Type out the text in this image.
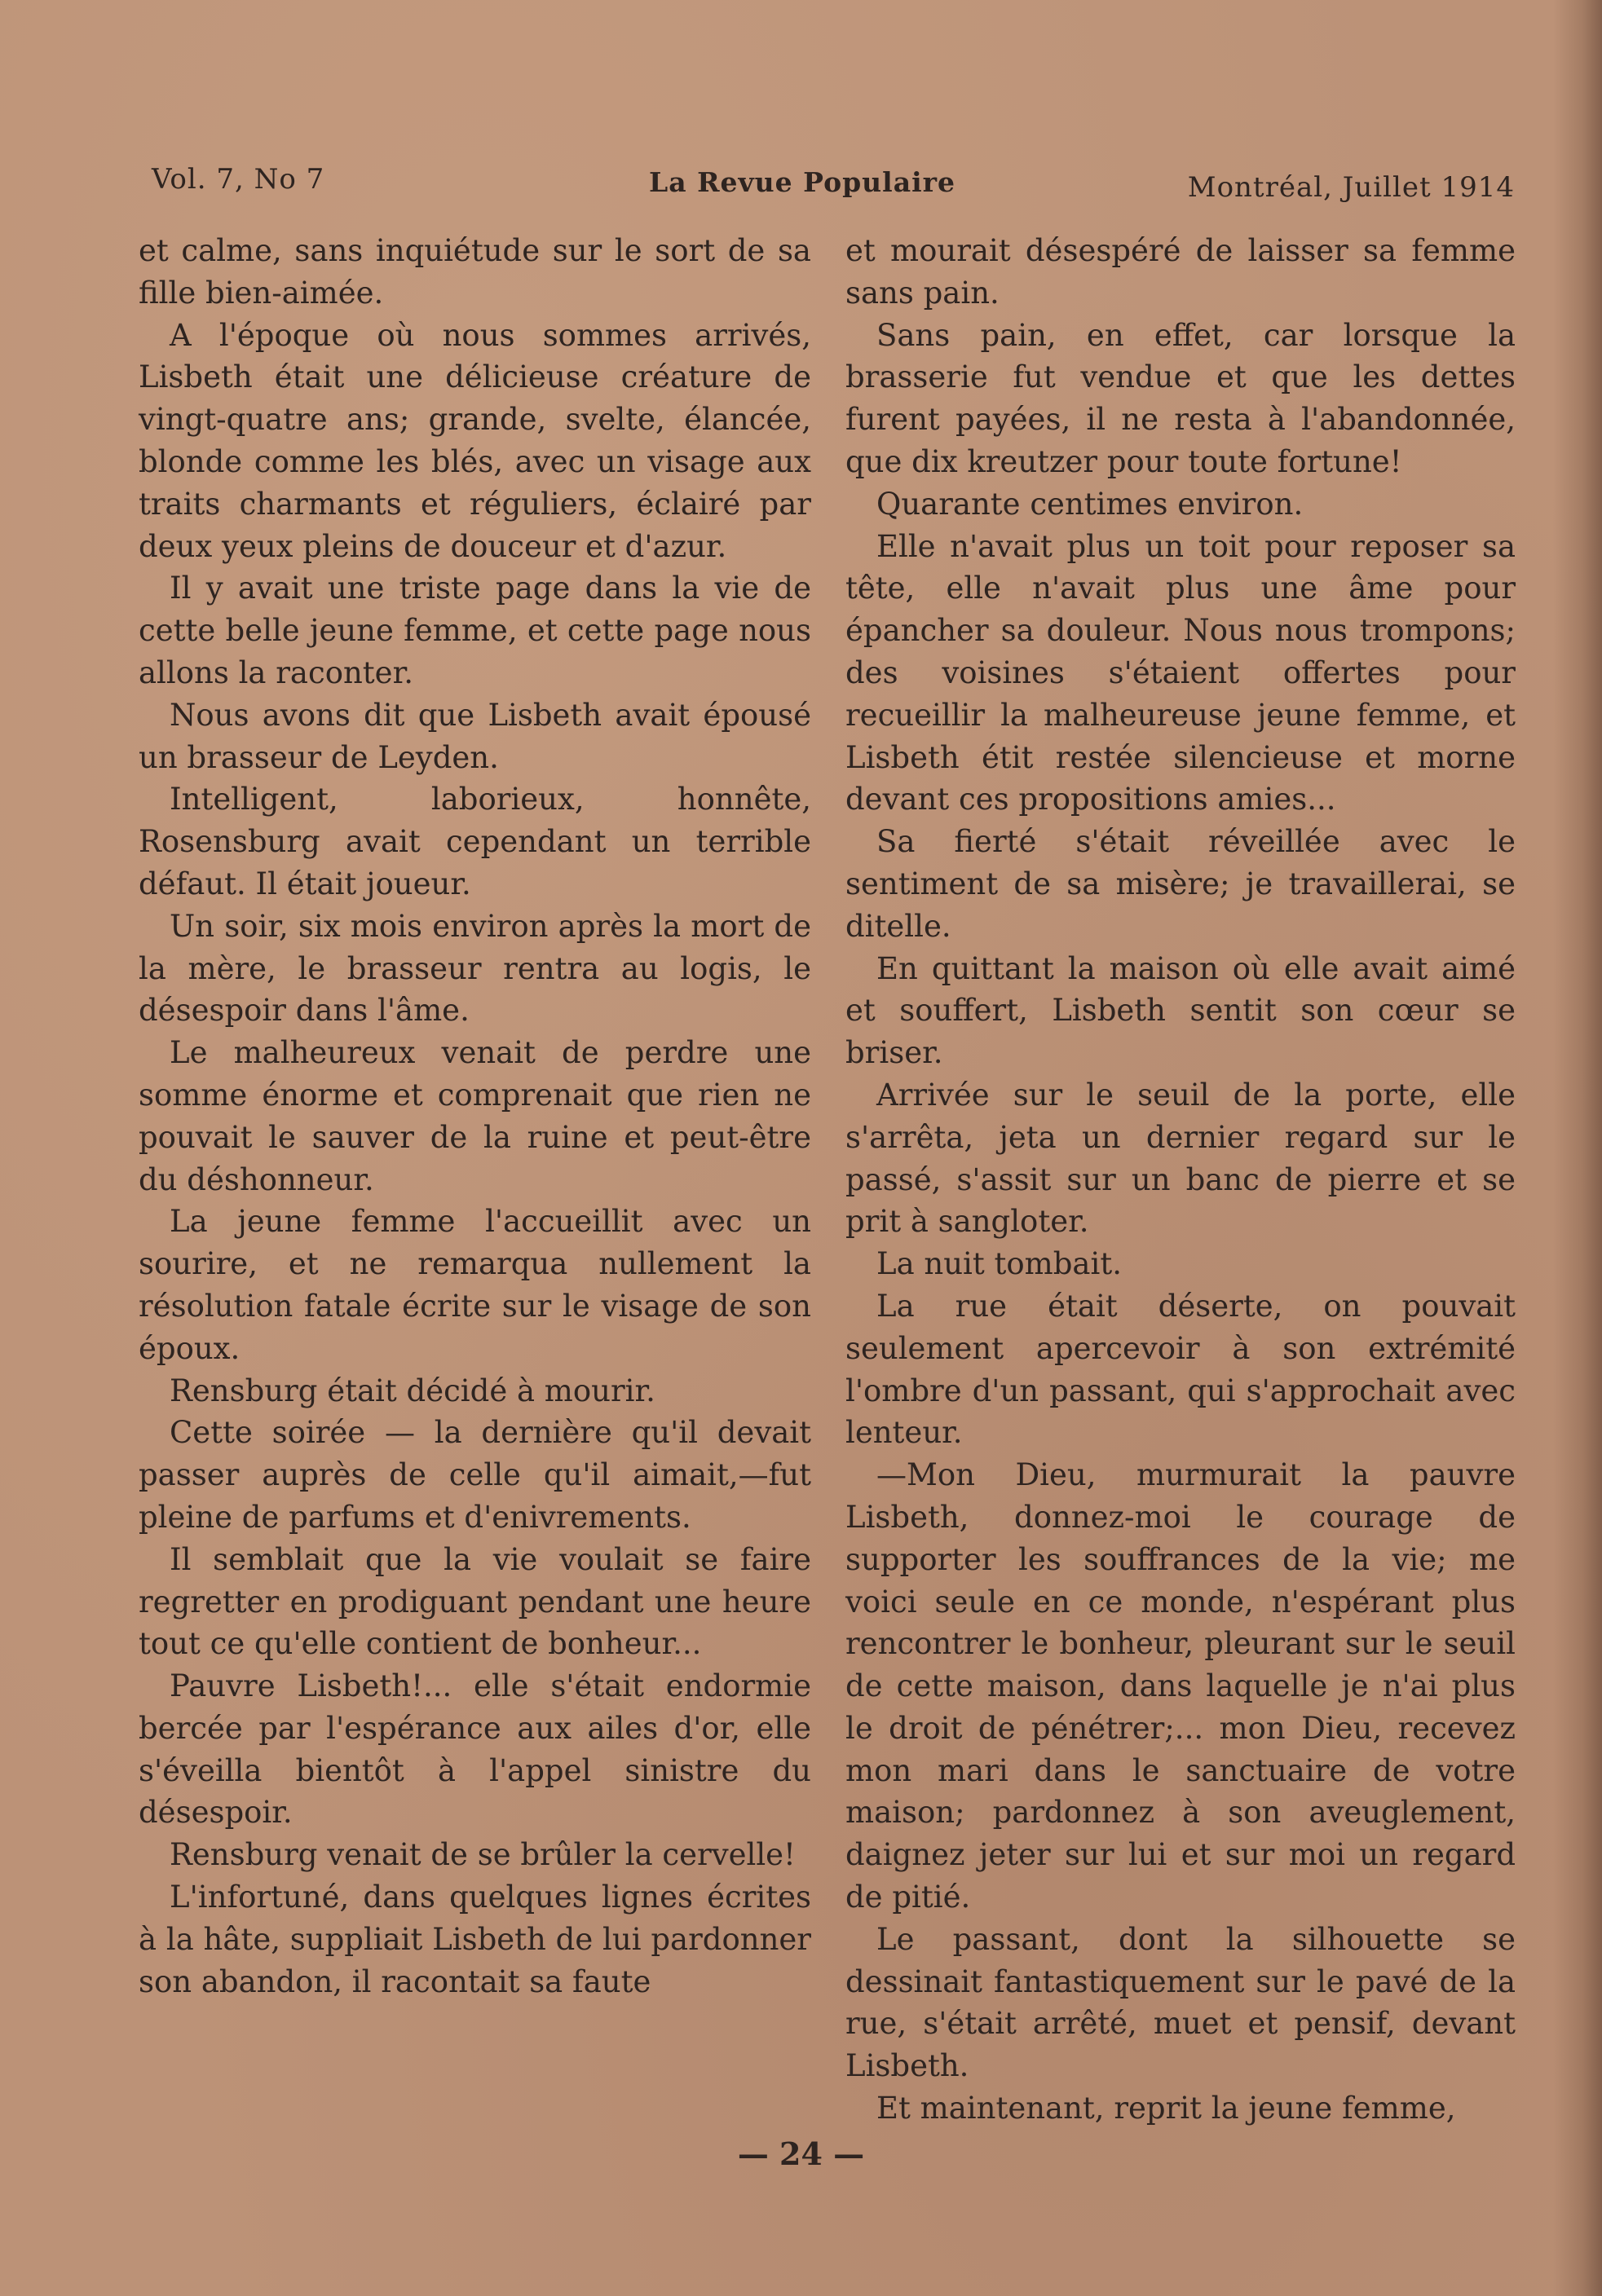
Vol. 7, No 7	La Revue Populaire	Montréal, Juillet 1914

et calme, sans inquiétude sur le sort de sa fille bien-aimée.

A l'époque où nous sommes arrivés, Lisbeth était une délicieuse créature de vingt-quatre ans; grande, svelte, élancée, blonde comme les blés, avec un visage aux traits charmants et réguliers, éclairé par deux yeux pleins de douceur et d'azur.

Il y avait une triste page dans la vie de cette belle jeune femme, et cette page nous allons la raconter.

Nous avons dit que Lisbeth avait épousé un brasseur de Leyden.

Intelligent, laborieux, honnête, Rosensburg avait cependant un terrible défaut. Il était joueur.

Un soir, six mois environ après la mort de la mère, le brasseur rentra au logis, le désespoir dans l'âme.

Le malheureux venait de perdre une somme énorme et comprenait que rien ne pouvait le sauver de la ruine et peut-être du déshonneur.

La jeune femme l'accueillit avec un sourire, et ne remarqua nullement la résolution fatale écrite sur le visage de son époux.

Rensburg était décidé à mourir.

Cette soirée — la dernière qu'il devait passer auprès de celle qu'il aimait,—fut pleine de parfums et d'enivrements.

Il semblait que la vie voulait se faire regretter en prodiguant pendant une heure tout ce qu'elle contient de bonheur...

Pauvre Lisbeth!... elle s'était endormie bercée par l'espérance aux ailes d'or, elle s'éveilla bientôt à l'appel sinistre du désespoir.

Rensburg venait de se brûler la cervelle!

L'infortuné, dans quelques lignes écrites à la hâte, suppliait Lisbeth de lui pardonner son abandon, il racontait sa faute

et mourait désespéré de laisser sa femme sans pain.

Sans pain, en effet, car lorsque la brasserie fut vendue et que les dettes furent payées, il ne resta à l'abandonnée, que dix kreutzer pour toute fortune!

Quarante centimes environ.

Elle n'avait plus un toit pour reposer sa tête, elle n'avait plus une âme pour épancher sa douleur. Nous nous trompons; des voisines s'étaient offertes pour recueillir la malheureuse jeune femme, et Lisbeth étit restée silencieuse et morne devant ces propositions amies...

Sa fierté s'était réveillée avec le sentiment de sa misère; je travaillerai, se ditelle.

En quittant la maison où elle avait aimé et souffert, Lisbeth sentit son cœur se briser.

Arrivée sur le seuil de la porte, elle s'arrêta, jeta un dernier regard sur le passé, s'assit sur un banc de pierre et se prit à sangloter.

La nuit tombait.

La rue était déserte, on pouvait seulement apercevoir à son extrémité l'ombre d'un passant, qui s'approchait avec lenteur.

—Mon Dieu, murmurait la pauvre Lisbeth, donnez-moi le courage de supporter les souffrances de la vie; me voici seule en ce monde, n'espérant plus rencontrer le bonheur, pleurant sur le seuil de cette maison, dans laquelle je n'ai plus le droit de pénétrer;... mon Dieu, recevez mon mari dans le sanctuaire de votre maison; pardonnez à son aveuglement, daignez jeter sur lui et sur moi un regard de pitié.

Le passant, dont la silhouette se dessinait fantastiquement sur le pavé de la rue, s'était arrêté, muet et pensif, devant Lisbeth.

Et maintenant, reprit la jeune femme,

— 24 —
